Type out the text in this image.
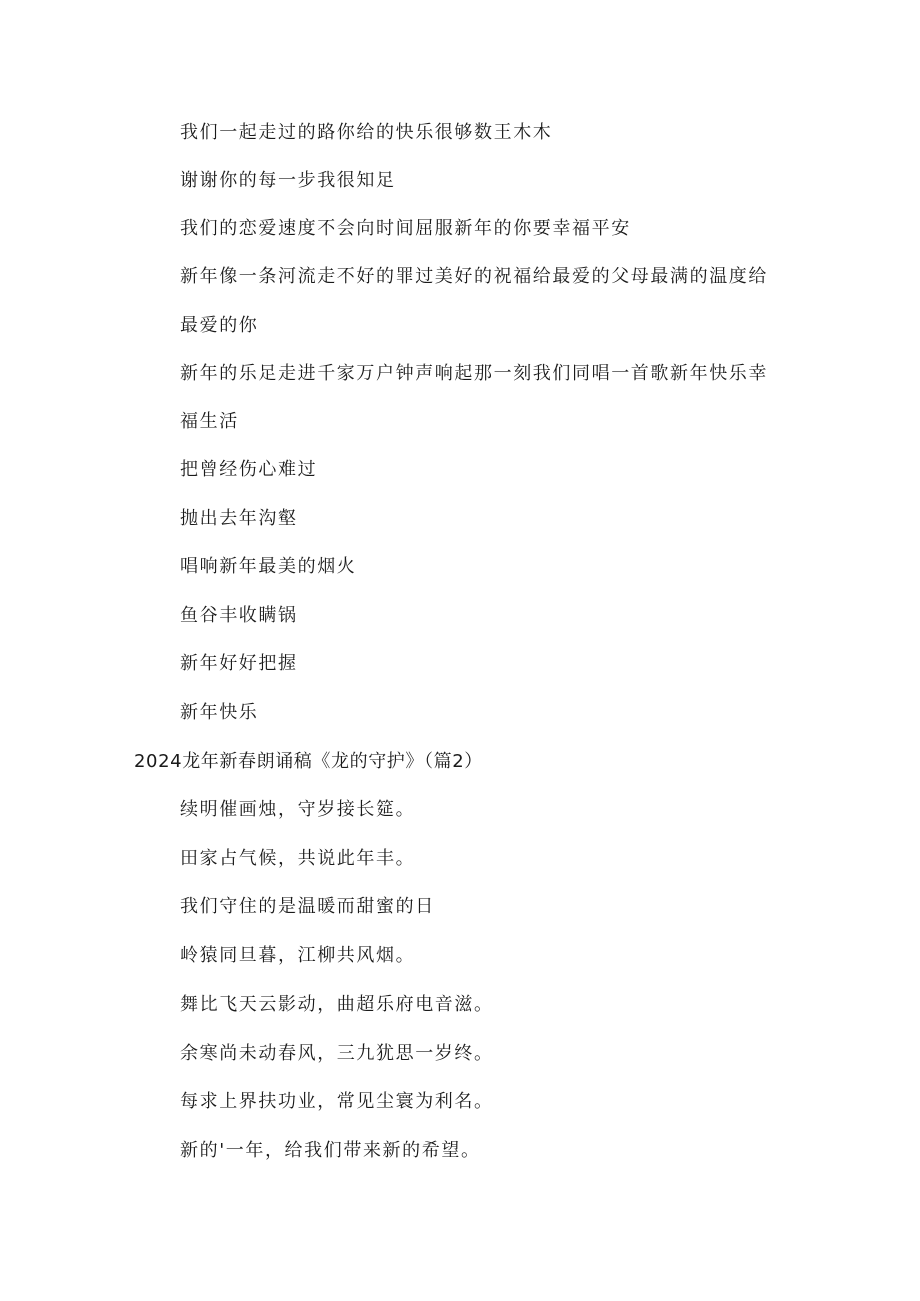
我们一起走过的路你给的快乐很够数王木木
谢谢你的每一步我很知足
我们的恋爱速度不会向时间屈服新年的你要幸福平安
新年像一条河流走不好的罪过美好的祝福给最爱的父母最满的温度给
最爱的你
新年的乐足走进千家万户钟声响起那一刻我们同唱一首歌新年快乐幸
福生活
把曾经伤心难过
抛出去年沟壑
唱响新年最美的烟火
鱼谷丰收瞒锅
新年好好把握
新年快乐
2024龙年新春朗诵稿《龙的守护》（篇2）
续明催画烛，守岁接长筵。
田家占气候，共说此年丰。
我们守住的是温暖而甜蜜的日
岭猿同旦暮，江柳共风烟。
舞比飞天云影动，曲超乐府电音滋。
余寒尚未动春风，三九犹思一岁终。
每求上界扶功业，常见尘寰为利名。
新的'一年，给我们带来新的希望。
